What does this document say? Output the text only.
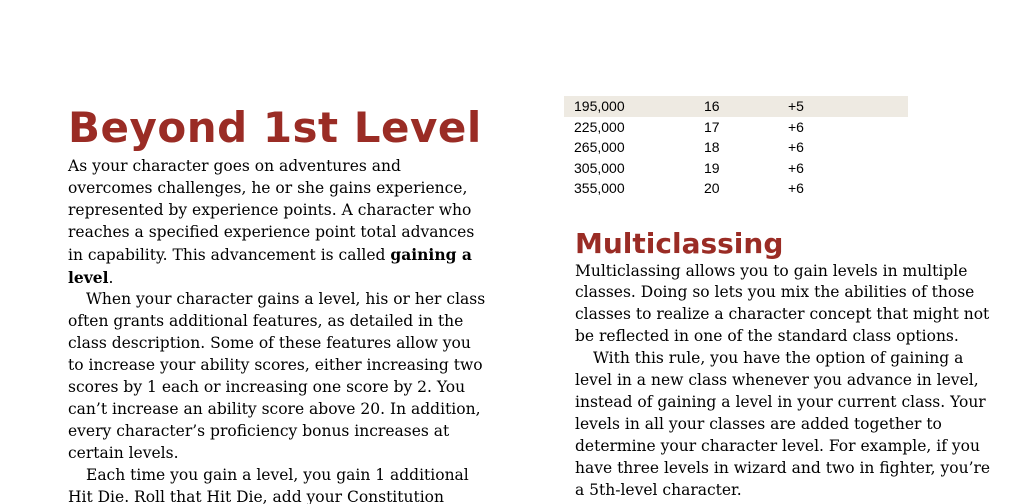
Beyond 1st Level

As your character goes on adventures and
overcomes challenges, he or she gains experience,
represented by experience points. A character who
reaches a specified experience point total advances
in capability. This advancement is called gaining a
level.

When your character gains a level, his or her class
often grants additional features, as detailed in the
class description. Some of these features allow you
to increase your ability scores, either increasing two
scores by 1 each or increasing one score by 2. You
can’t increase an ability score above 20. In addition,
every character’s proficiency bonus increases at
certain levels.

Each time you gain a level, you gain 1 additional
Hit Die. Roll that Hit Die, add your Constitution

195,000	16	+5
225,000	17	+6
265,000	18	+6
305,000	19	+6
355,000	20	+6
Multiclassing

Multiclassing allows you to gain levels in multiple
classes. Doing so lets you mix the abilities of those
classes to realize a character concept that might not
be reflected in one of the standard class options.

With this rule, you have the option of gaining a
level in a new class whenever you advance in level,
instead of gaining a level in your current class. Your
levels in all your classes are added together to
determine your character level. For example, if you
have three levels in wizard and two in fighter, you’re
a 5th-level character.
